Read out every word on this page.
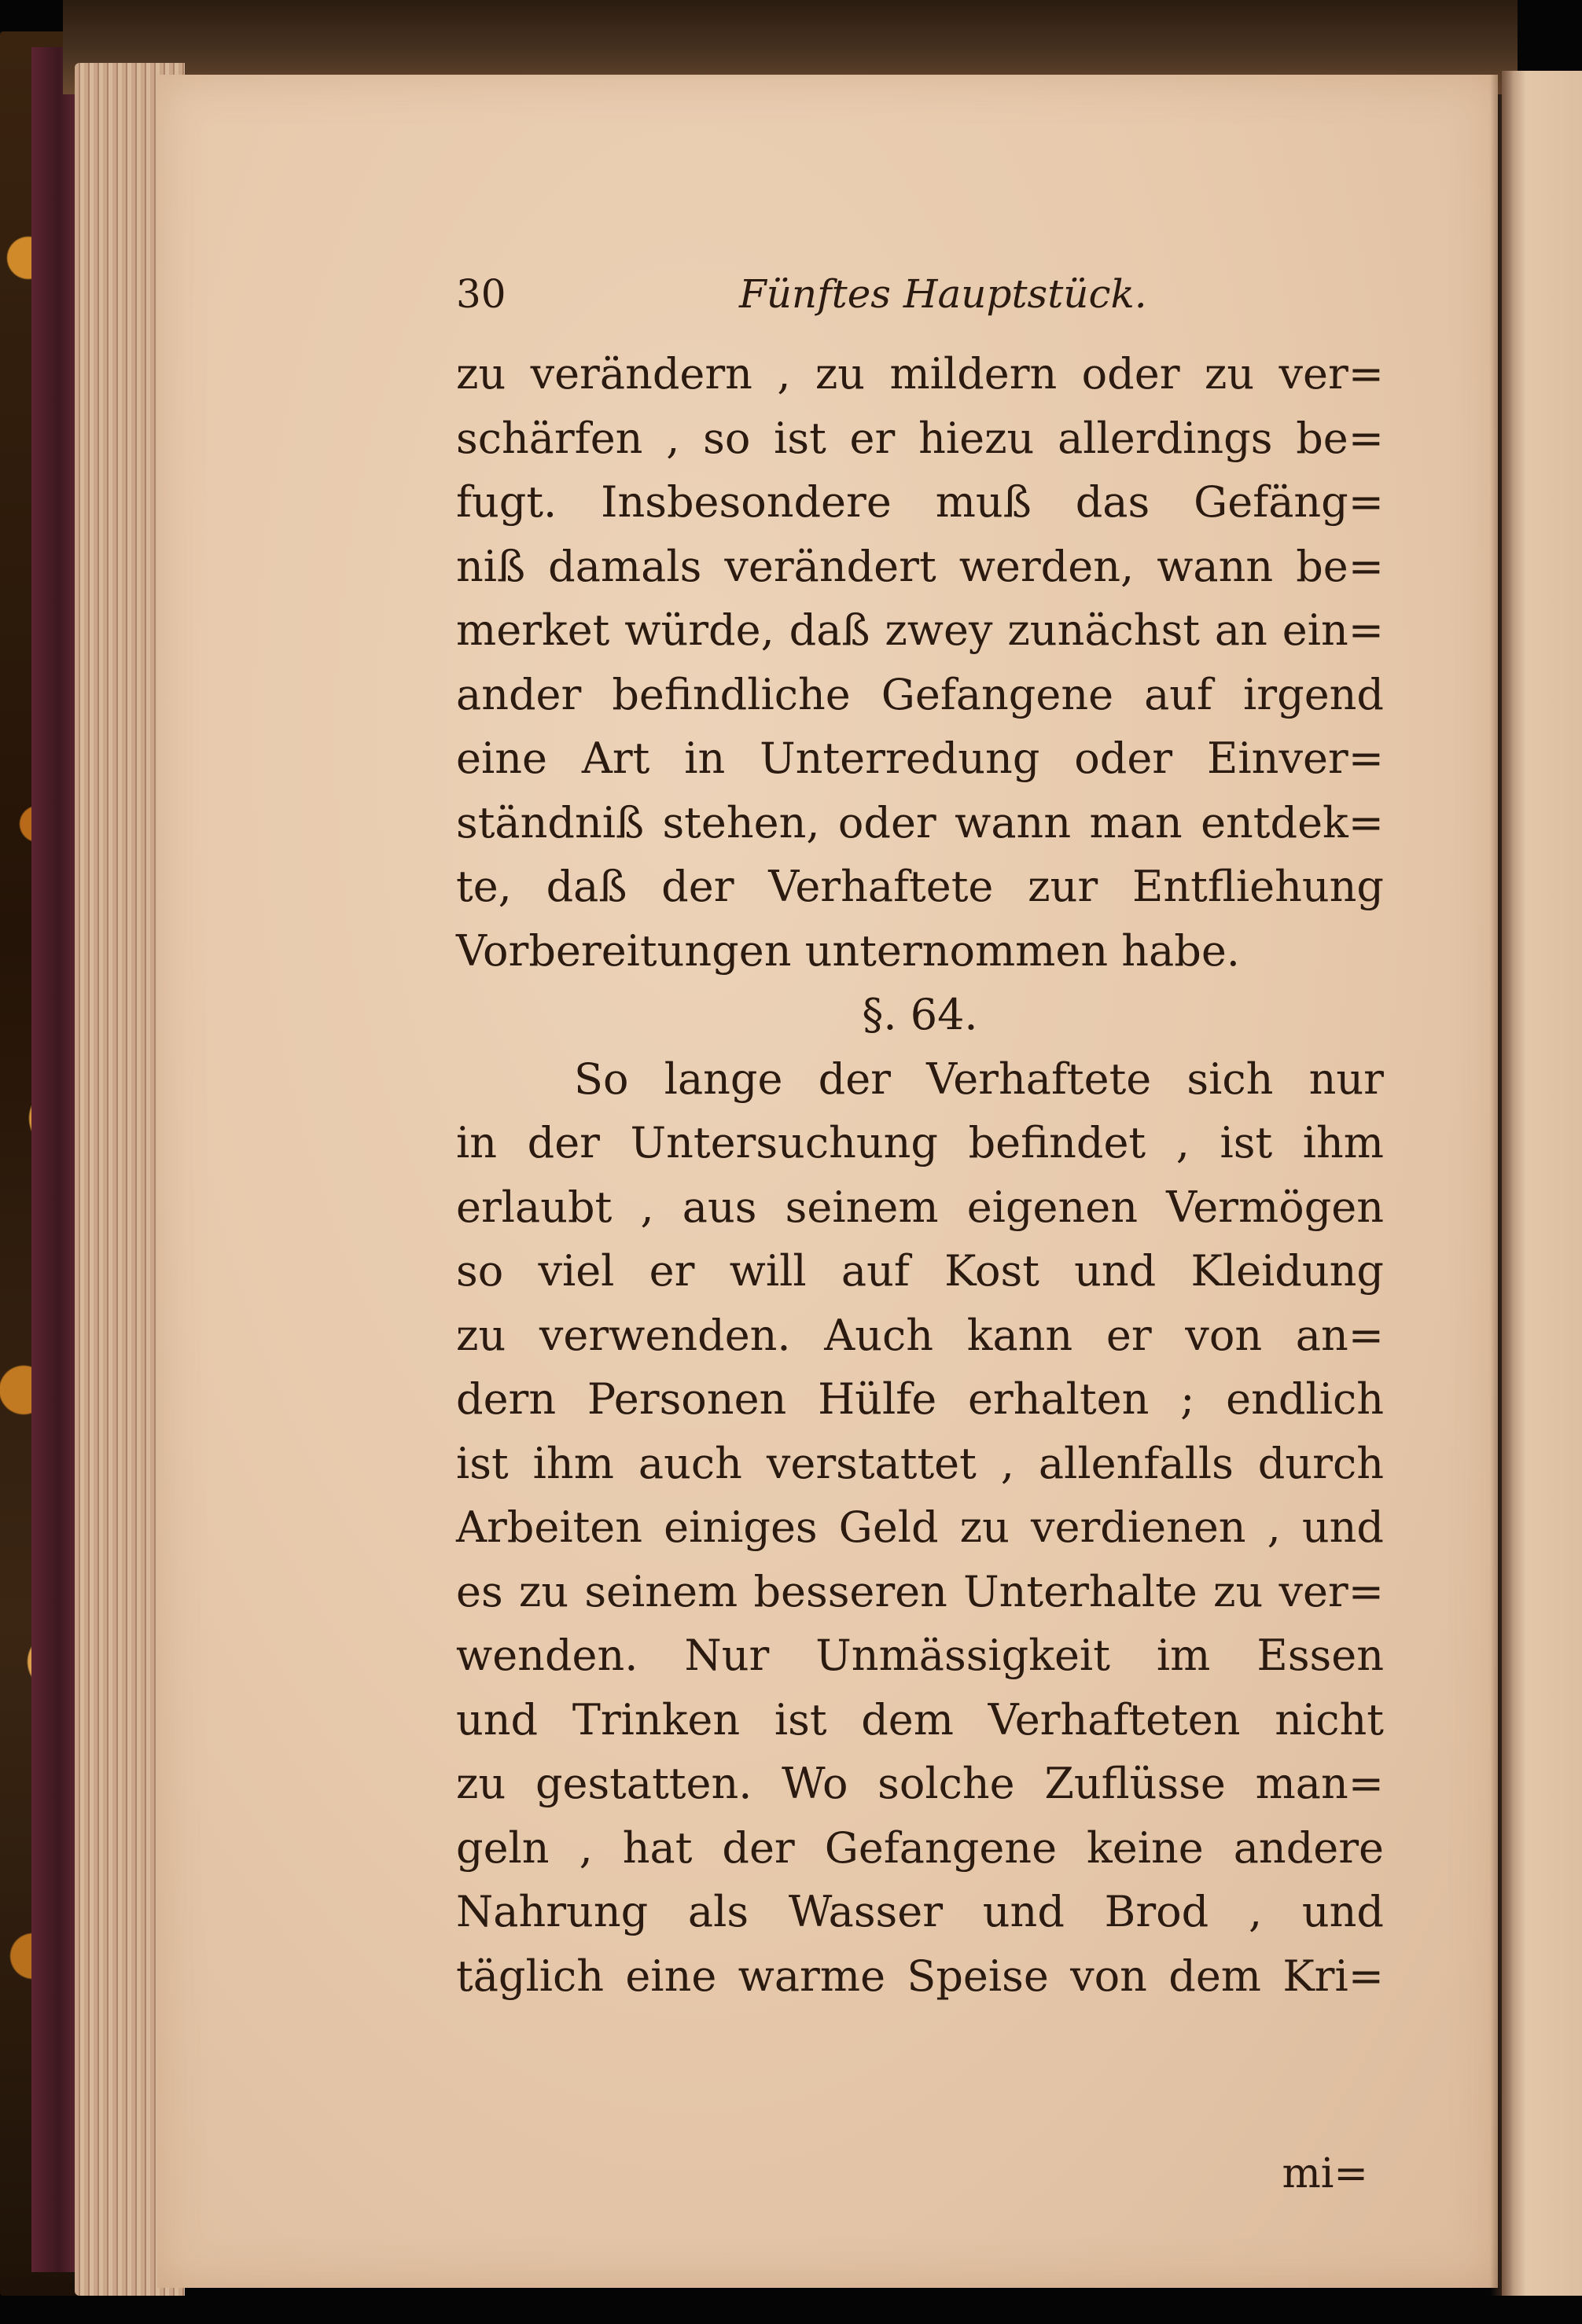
30	Fünftes Hauptstück.
zu verändern , zu mildern oder zu ver=
schärfen , so ist er hiezu allerdings be=
fugt. Insbesondere muß das Gefäng=
niß damals verändert werden, wann be=
merket würde, daß zwey zunächst an ein=
ander befindliche Gefangene auf irgend
eine Art in Unterredung oder Einver=
ständniß stehen, oder wann man entdek=
te, daß der Verhaftete zur Entfliehung
Vorbereitungen unternommen habe.
§. 64.
So lange der Verhaftete sich nur
in der Untersuchung befindet , ist ihm
erlaubt , aus seinem eigenen Vermögen
so viel er will auf Kost und Kleidung
zu verwenden. Auch kann er von an=
dern Personen Hülfe erhalten ; endlich
ist ihm auch verstattet , allenfalls durch
Arbeiten einiges Geld zu verdienen , und
es zu seinem besseren Unterhalte zu ver=
wenden. Nur Unmässigkeit im Essen
und Trinken ist dem Verhafteten nicht
zu gestatten. Wo solche Zuflüsse man=
geln , hat der Gefangene keine andere
Nahrung als Wasser und Brod , und
täglich eine warme Speise von dem Kri=
mi=
